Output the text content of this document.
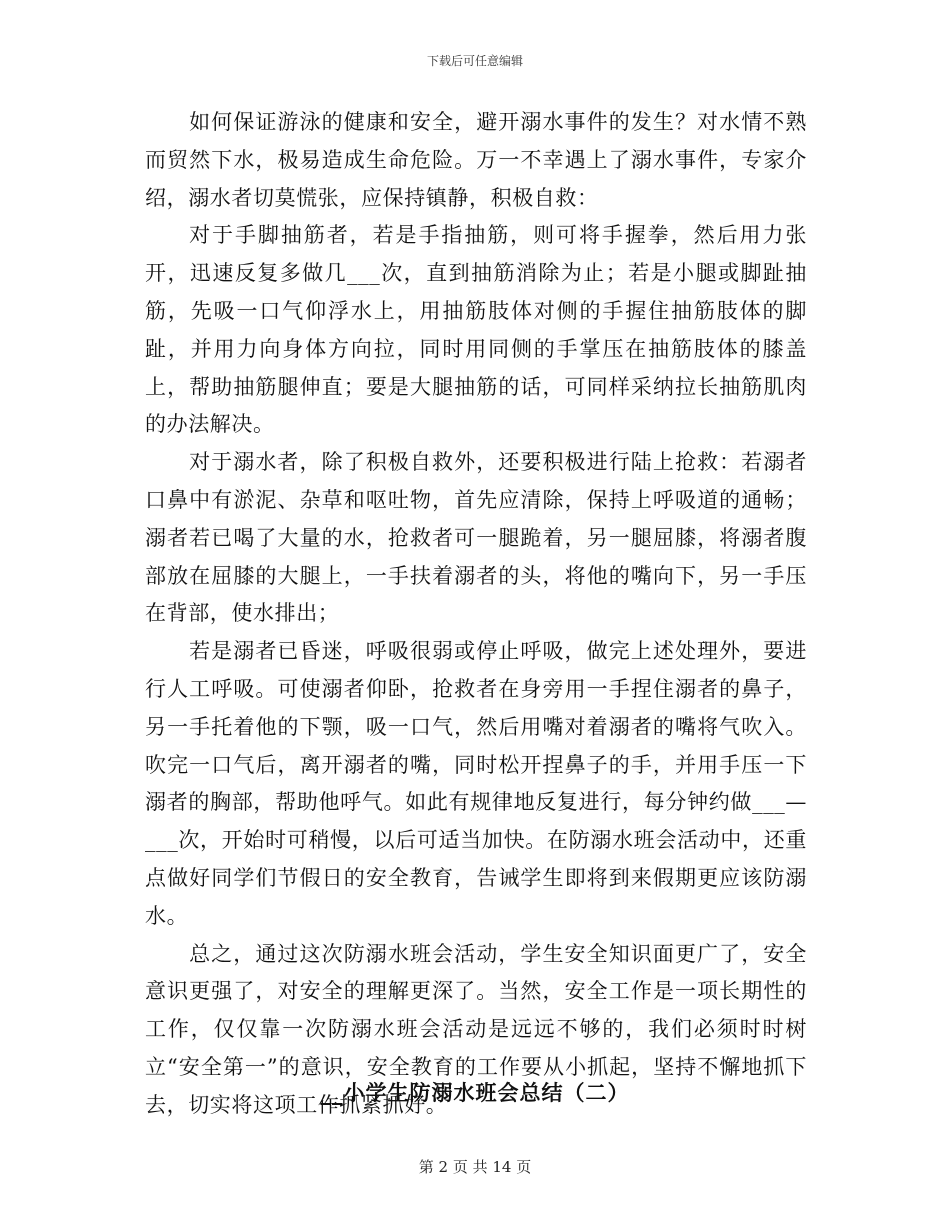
下载后可任意编辑

如何保证游泳的健康和安全，避开溺水事件的发生？对水情不熟而贸然下水，极易造成生命危险。万一不幸遇上了溺水事件，专家介绍，溺水者切莫慌张，应保持镇静，积极自救：

对于手脚抽筋者，若是手指抽筋，则可将手握拳，然后用力张开，迅速反复多做几___次，直到抽筋消除为止；若是小腿或脚趾抽筋，先吸一口气仰浮水上，用抽筋肢体对侧的手握住抽筋肢体的脚趾，并用力向身体方向拉，同时用同侧的手掌压在抽筋肢体的膝盖上，帮助抽筋腿伸直；要是大腿抽筋的话，可同样采纳拉长抽筋肌肉的办法解决。

对于溺水者，除了积极自救外，还要积极进行陆上抢救：若溺者口鼻中有淤泥、杂草和呕吐物，首先应清除，保持上呼吸道的通畅；溺者若已喝了大量的水，抢救者可一腿跪着，另一腿屈膝，将溺者腹部放在屈膝的大腿上，一手扶着溺者的头，将他的嘴向下，另一手压在背部，使水排出；

若是溺者已昏迷，呼吸很弱或停止呼吸，做完上述处理外，要进行人工呼吸。可使溺者仰卧，抢救者在身旁用一手捏住溺者的鼻子，另一手托着他的下颚，吸一口气，然后用嘴对着溺者的嘴将气吹入。吹完一口气后，离开溺者的嘴，同时松开捏鼻子的手，并用手压一下溺者的胸部，帮助他呼气。如此有规律地反复进行，每分钟约做___—___次，开始时可稍慢，以后可适当加快。在防溺水班会活动中，还重点做好同学们节假日的安全教育，告诫学生即将到来假期更应该防溺水。

总之，通过这次防溺水班会活动，学生安全知识面更广了，安全意识更强了，对安全的理解更深了。当然，安全工作是一项长期性的工作，仅仅靠一次防溺水班会活动是远远不够的，我们必须时时树立“安全第一”的意识，安全教育的工作要从小抓起，坚持不懈地抓下去，切实将这项工作抓紧抓好。

__小学生防溺水班会总结（二）
第 2 页 共 14 页
